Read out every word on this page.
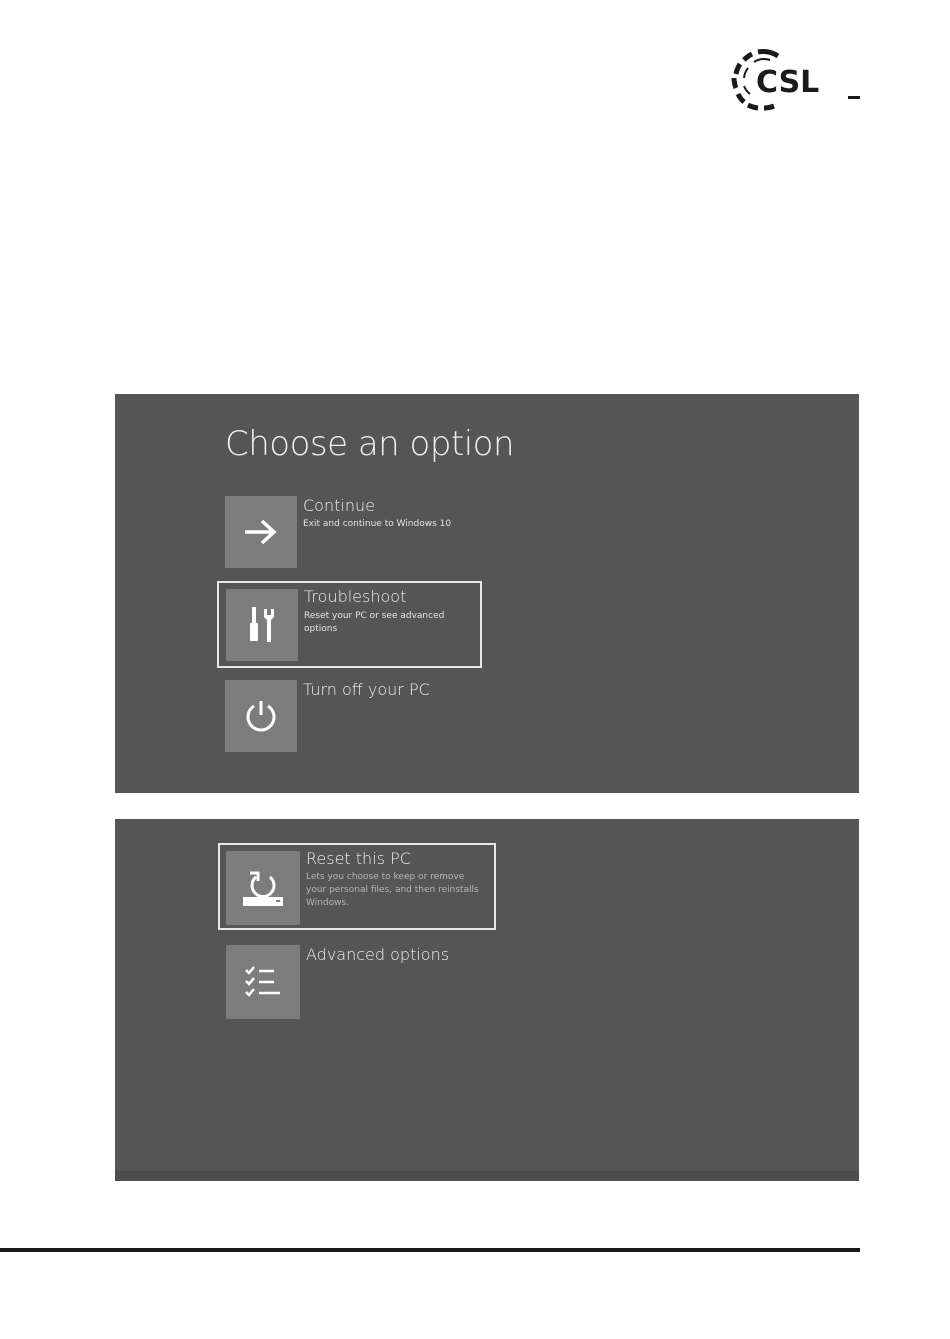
CSL
Choose an option
Continue
Exit and continue to Windows 10
Troubleshoot
Reset your PC or see advanced options
Turn off your PC
Reset this PC
Lets you choose to keep or remove your personal files, and then reinstalls Windows.
Advanced options
